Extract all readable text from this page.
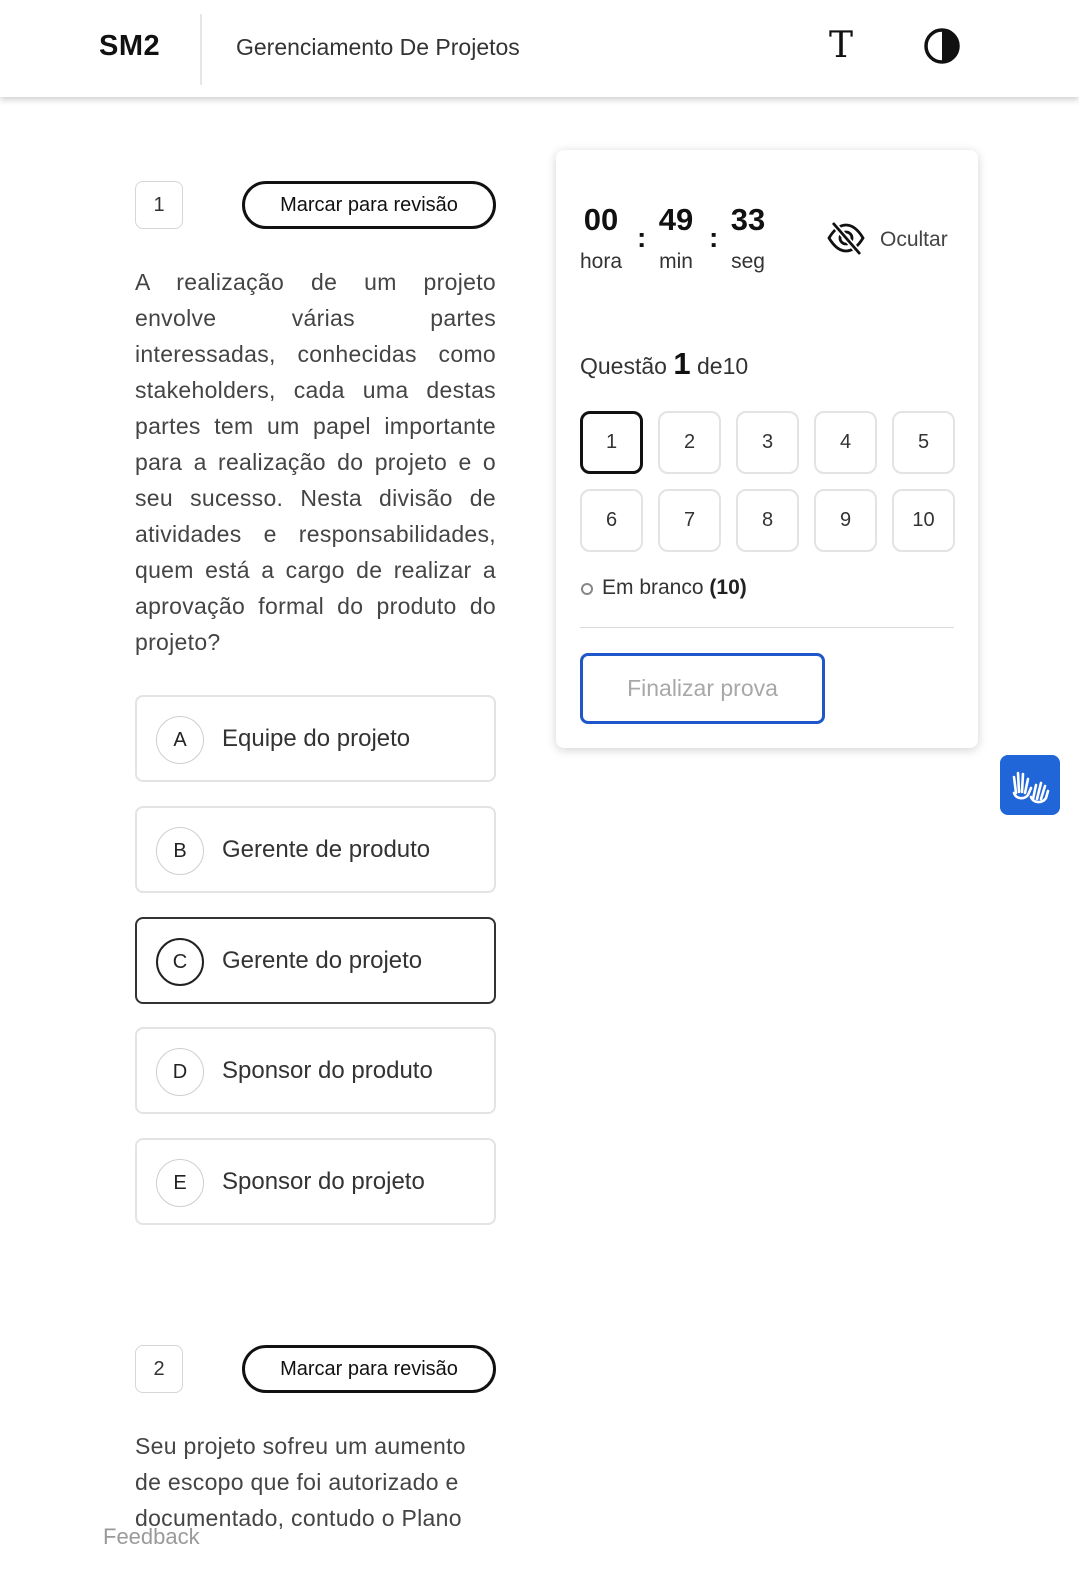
SM2	Gerenciamento De Projetos	T
1	Marcar para revisão
A realização de um projeto envolve várias partes interessadas, conhecidas como stakeholders, cada uma destas partes tem um papel importante para a realização do projeto e o seu sucesso. Nesta divisão de atividades e responsabilidades, quem está a cargo de realizar a aprovação formal do produto do projeto?
A	Equipe do projeto
B	Gerente de produto
C	Gerente do projeto
D	Sponsor do produto
E	Sponsor do projeto
2	Marcar para revisão
Seu projeto sofreu um aumento de escopo que foi autorizado e documentado, contudo o Plano
00
:
49
:
33
hora	min	seg
Ocultar
Questão 1 de10
1	2	3	4	5
6	7	8	9	10
Em branco (10)
Finalizar prova
Feedback
